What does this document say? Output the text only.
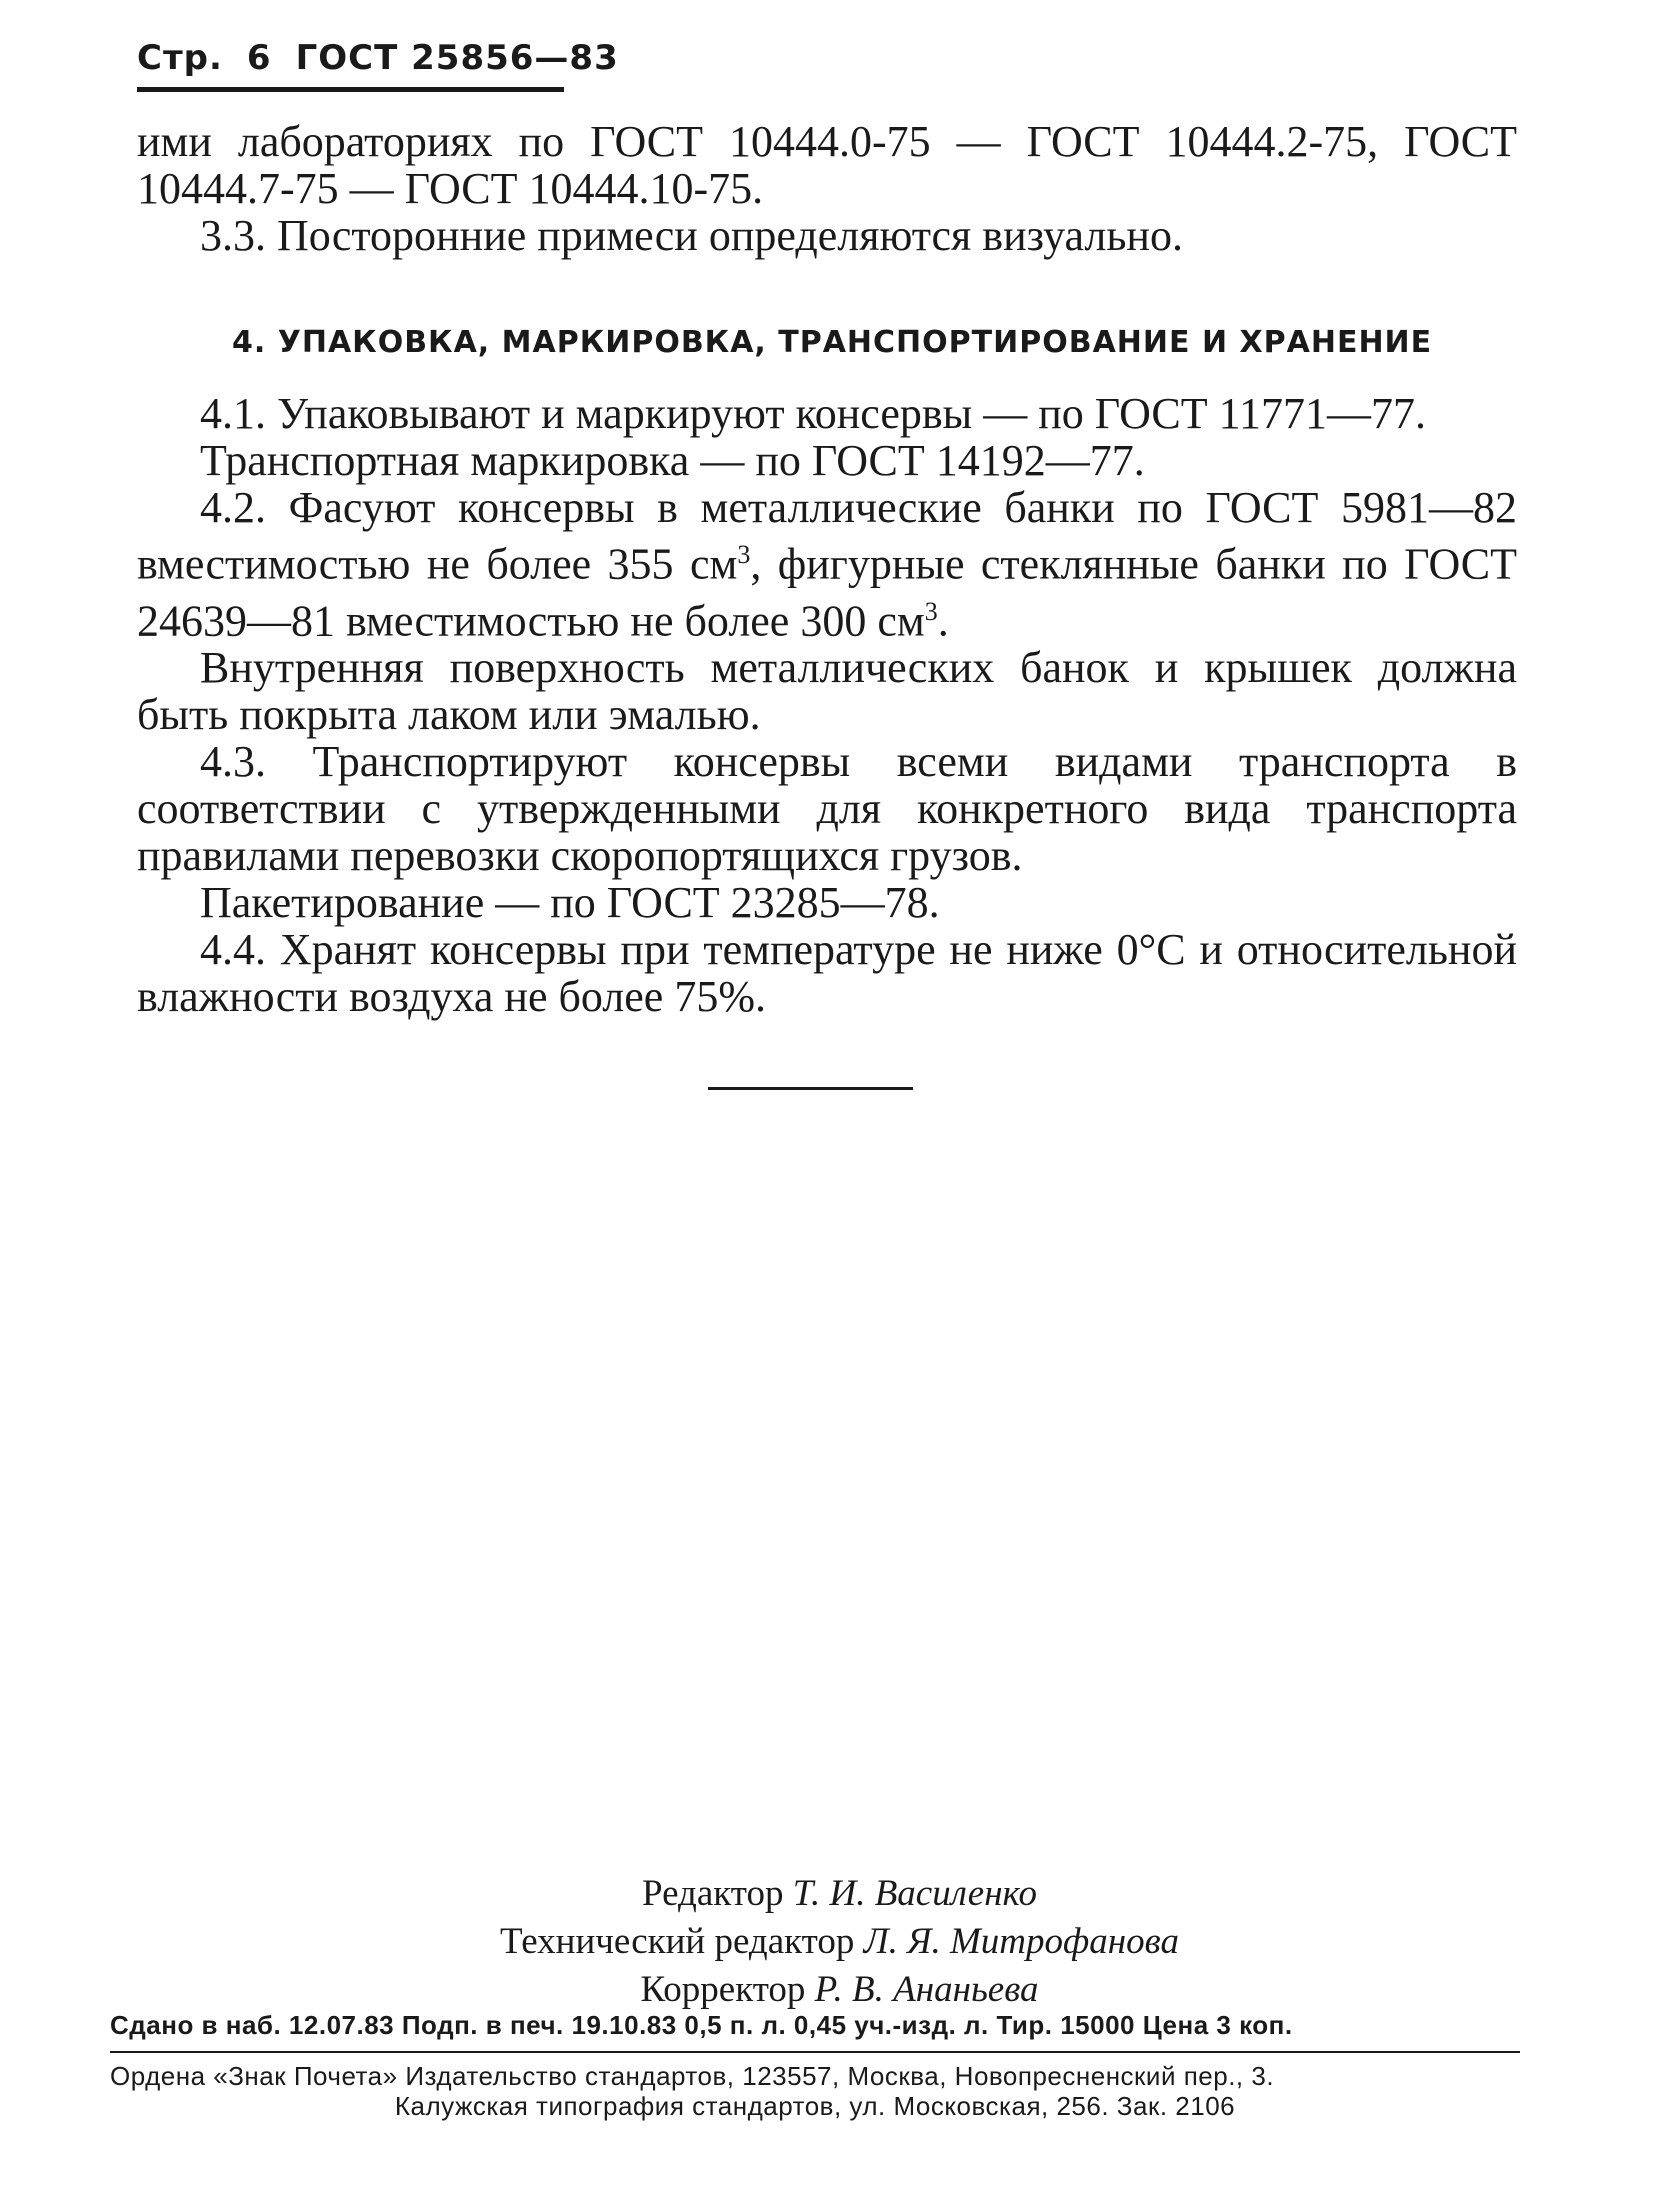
Стр. 6 ГОСТ 25856—83

ими лабораториях по ГОСТ 10444.0-75 — ГОСТ 10444.2-75, ГОСТ

10444.7-75 — ГОСТ 10444.10-75.

3.3. Посторонние примеси определяются визуально.

4. УПАКОВКА, МАРКИРОВКА, ТРАНСПОРТИРОВАНИЕ И ХРАНЕНИЕ

4.1. Упаковывают и маркируют консервы — по ГОСТ 11771—77.

Транспортная маркировка — по ГОСТ 14192—77.

4.2. Фасуют консервы в металлические банки по ГОСТ 5981—82 вместимостью не более 355 $см^3$, фигурные стеклянные банки по ГОСТ 24639—81 вместимостью не более 300 $см^3$.

Внутренняя поверхность металлических банок и крышек должна быть покрыта лаком или эмалью.

4.3. Транспортируют консервы всеми видами транспорта в соответствии с утвержденными для конкретного вида транспорта правилами перевозки скоропортящихся грузов.

Пакетирование — по ГОСТ 23285—78.

4.4. Хранят консервы при температуре не ниже 0°С и относительной влажности воздуха не более 75%.

Редактор Т. И. Василенко
Технический редактор Л. Я. Митрофанова
Корректор Р. В. Ананьева
Сдано в наб. 12.07.83 Подп. в печ. 19.10.83 0,5 п. л. 0,45 уч.-изд. л. Тир. 15000 Цена 3 коп.
Ордена «Знак Почета» Издательство стандартов, 123557, Москва, Новопресненский пер., 3.
Калужская типография стандартов, ул. Московская, 256. Зак. 2106
